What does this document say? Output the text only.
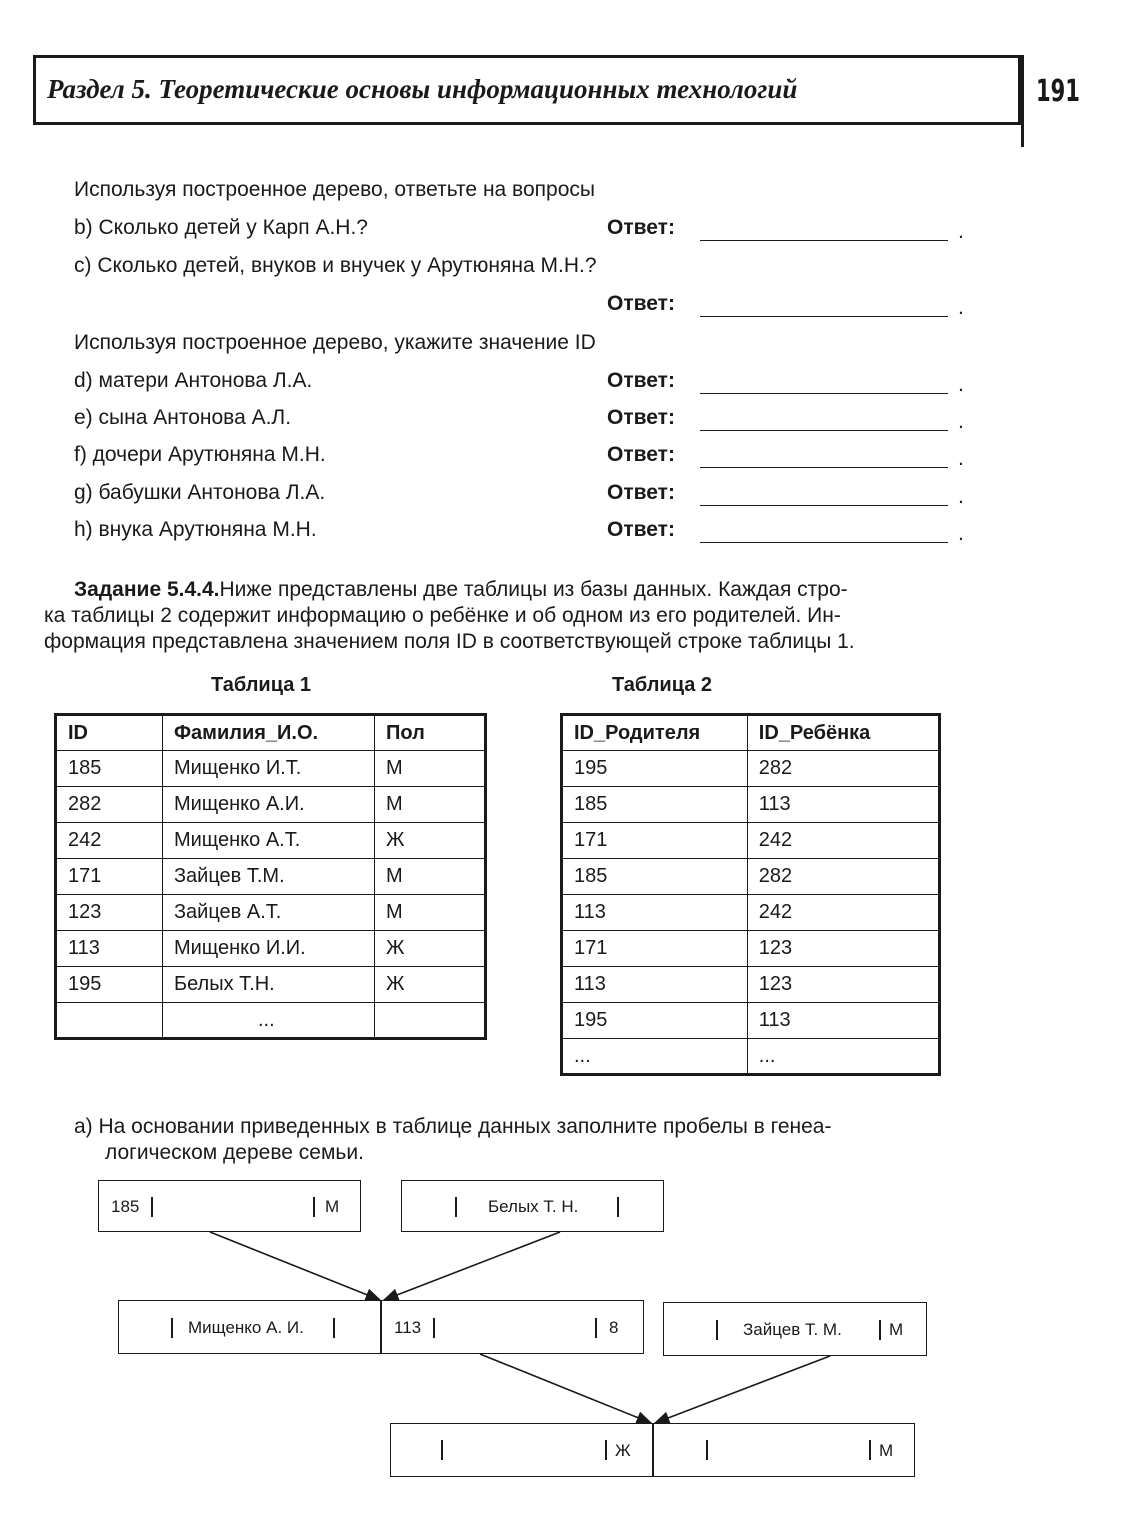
Раздел 5. Теоретические основы информационных технологий	191
Используя построенное дерево, ответьте на вопросы
b) Сколько детей у Карп А.Н.?	Ответ:	.
c) Сколько детей, внуков и внучек у Арутюняна М.Н.?
Ответ:	.
Используя построенное дерево, укажите значение ID
d) матери Антонова Л.А.	Ответ:	.
e) сына Антонова А.Л.	Ответ:	.
f) дочери Арутюняна М.Н.	Ответ:	.
g) бабушки Антонова Л.А.	Ответ:	.
h) внука Арутюняна М.Н.	Ответ:	.
Задание 5.4.4.Ниже представлены две таблицы из базы данных. Каждая стро-
ка таблицы 2 содержит информацию о ребёнке и об одном из его родителей. Ин-
формация представлена значением поля ID в соответствующей строке таблицы 1.
Таблица 1	Таблица 2
ID	Фамилия_И.О.	Пол
185	Мищенко И.Т.	М
282	Мищенко А.И.	М
242	Мищенко А.Т.	Ж
171	Зайцев Т.М.	М
123	Зайцев А.Т.	М
113	Мищенко И.И.	Ж
195	Белых Т.Н.	Ж
	...	
ID_Родителя	ID_Ребёнка
195	282
185	113
171	242
185	282
113	242
171	123
113	123
195	113
...	...
а) На основании приведенных в таблице данных заполните пробелы в генеа-
логическом дереве семьи.
185	М	Белых Т. Н.
Мищенко А. И.	113	8	Зайцев Т. М.	М
Ж	М
